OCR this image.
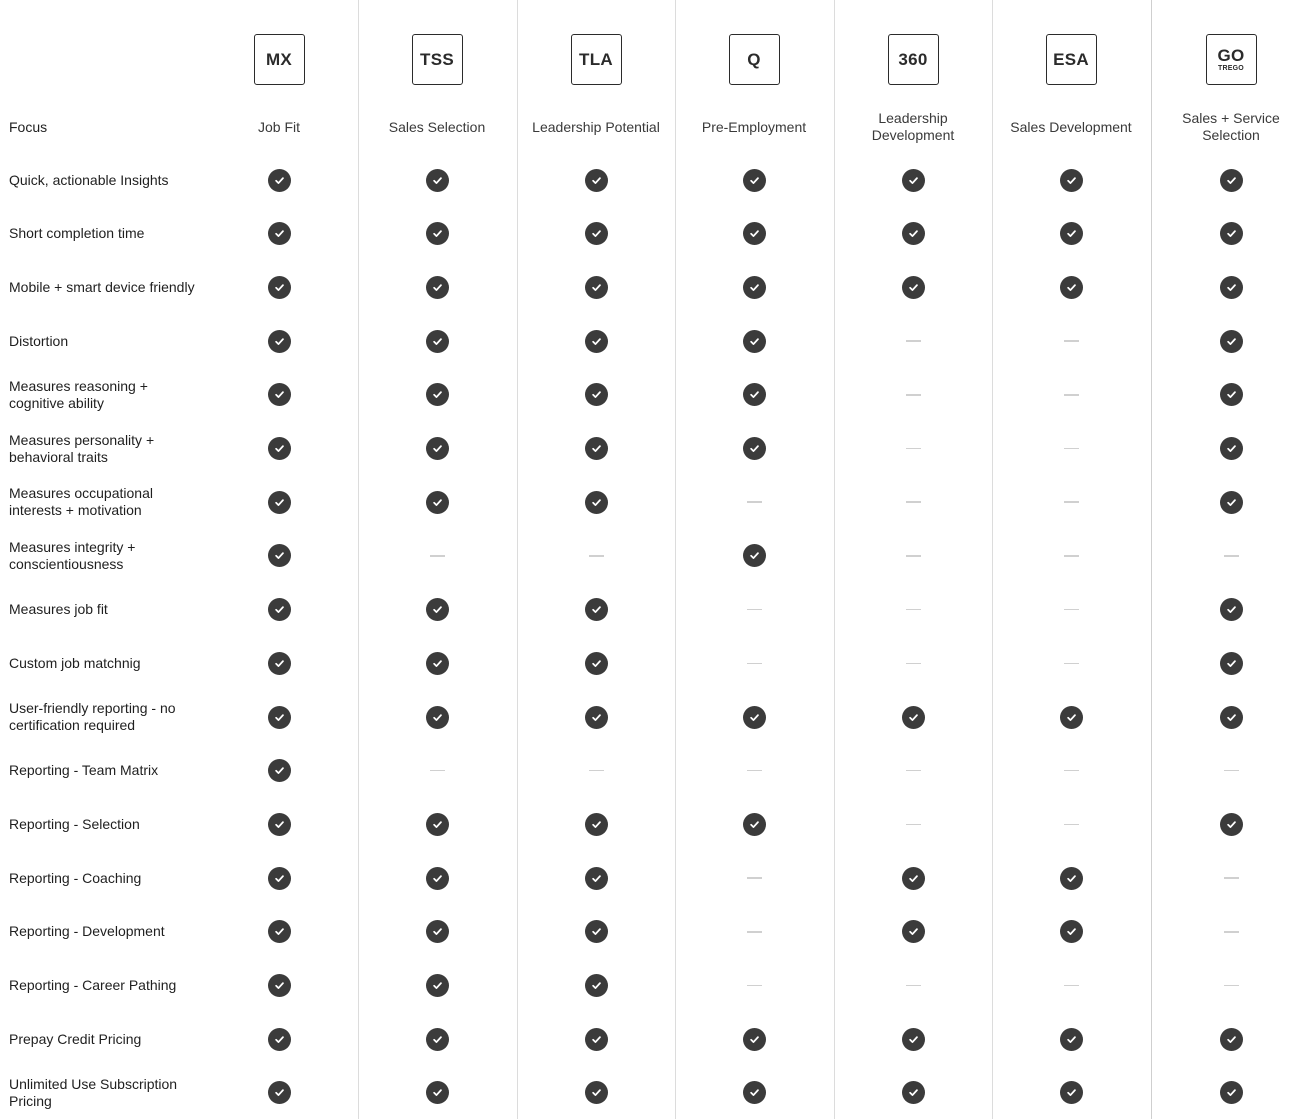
Focus
MX
Job Fit
TSS
Sales Selection
TLA
Leadership Potential
Q
Pre-Employment
360
Leadership Development
ESA
Sales Development
GO
TREGO
Sales + Service Selection
Quick, actionable Insights
Short completion time
Mobile + smart device friendly
Distortion
Measures reasoning + cognitive ability
Measures personality + behavioral traits
Measures occupational interests + motivation
Measures integrity + conscientiousness
Measures job fit
Custom job matchnig
User-friendly reporting - no certification required
Reporting - Team Matrix
Reporting - Selection
Reporting - Coaching
Reporting - Development
Reporting - Career Pathing
Prepay Credit Pricing
Unlimited Use Subscription Pricing
